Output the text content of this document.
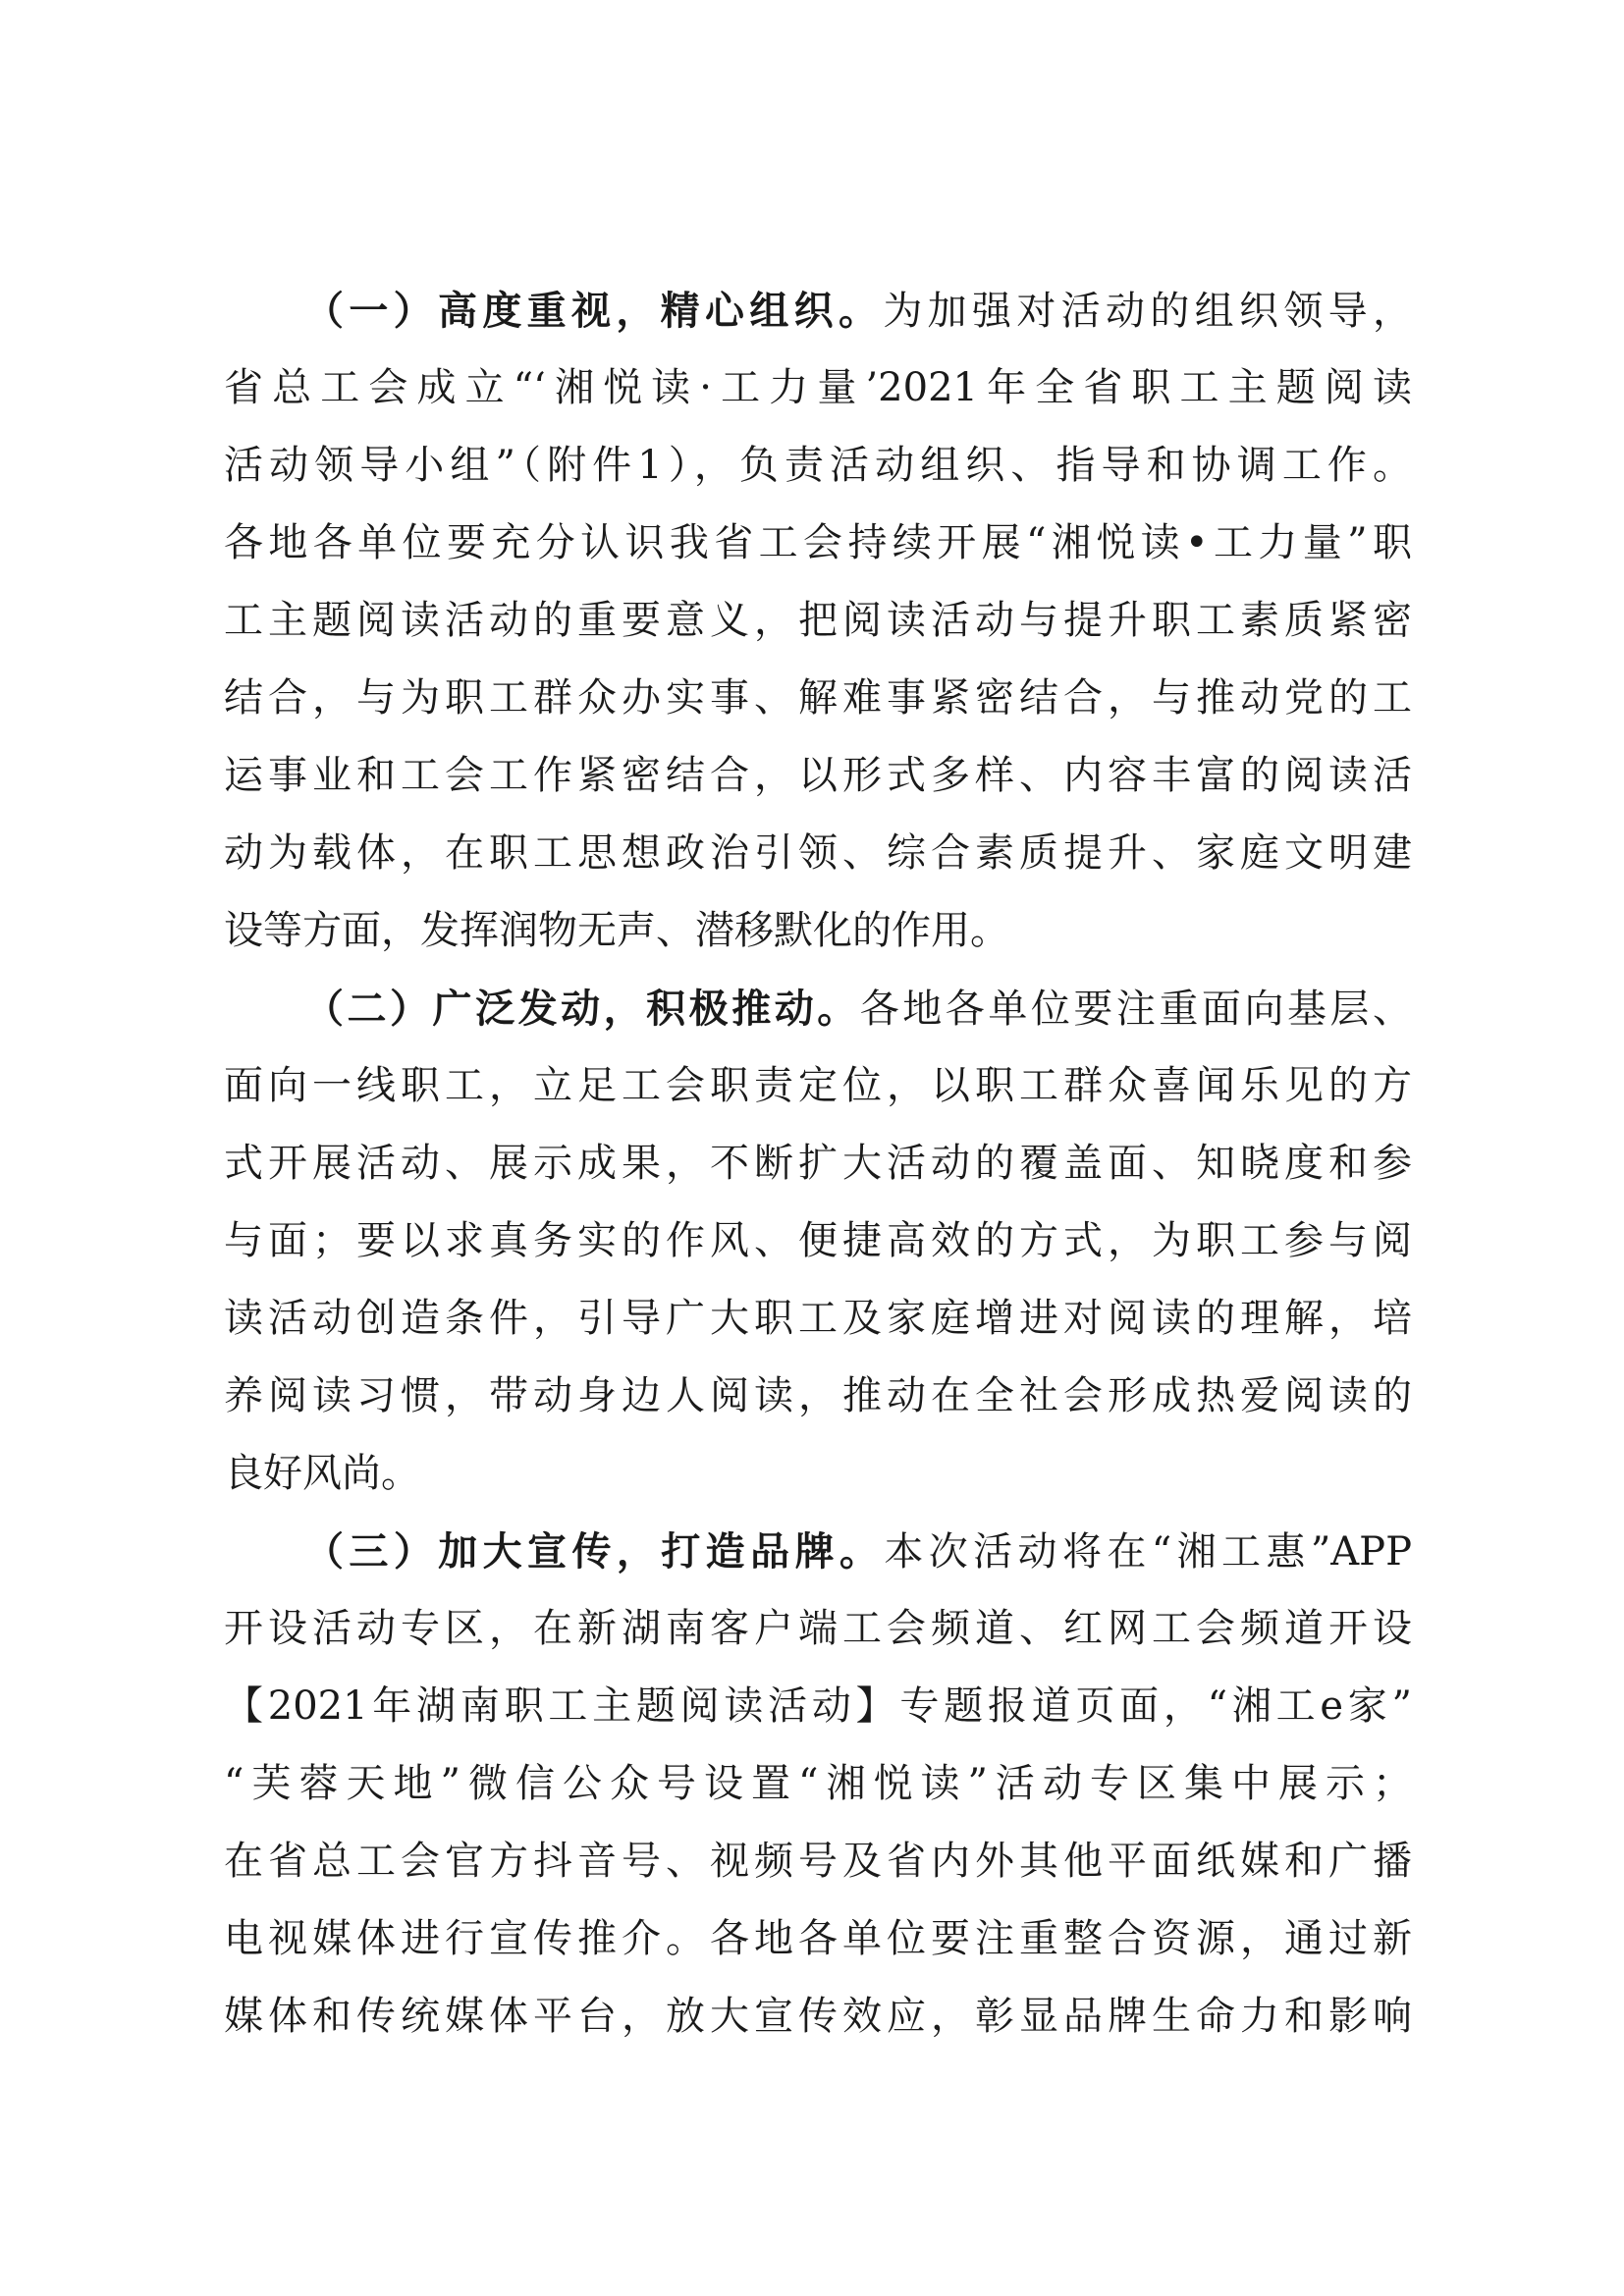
（一）高度重视，精心组织。为加强对活动的组织领导，
省总工会成立“‘湘悦读·工力量’2021年全省职工主题阅读
活动领导小组”（附件1），负责活动组织、指导和协调工作。
各地各单位要充分认识我省工会持续开展“湘悦读•工力量”职
工主题阅读活动的重要意义，把阅读活动与提升职工素质紧密
结合，与为职工群众办实事、解难事紧密结合，与推动党的工
运事业和工会工作紧密结合，以形式多样、内容丰富的阅读活
动为载体，在职工思想政治引领、综合素质提升、家庭文明建
设等方面，发挥润物无声、潜移默化的作用。
（二）广泛发动，积极推动。各地各单位要注重面向基层、
面向一线职工，立足工会职责定位，以职工群众喜闻乐见的方
式开展活动、展示成果，不断扩大活动的覆盖面、知晓度和参
与面；要以求真务实的作风、便捷高效的方式，为职工参与阅
读活动创造条件，引导广大职工及家庭增进对阅读的理解，培
养阅读习惯，带动身边人阅读，推动在全社会形成热爱阅读的
良好风尚。
（三）加大宣传，打造品牌。本次活动将在“湘工惠”APP
开设活动专区，在新湖南客户端工会频道、红网工会频道开设
【2021年湖南职工主题阅读活动】专题报道页面，“湘工e家”
“芙蓉天地”微信公众号设置“湘悦读”活动专区集中展示；
在省总工会官方抖音号、视频号及省内外其他平面纸媒和广播
电视媒体进行宣传推介。各地各单位要注重整合资源，通过新
媒体和传统媒体平台，放大宣传效应，彰显品牌生命力和影响
